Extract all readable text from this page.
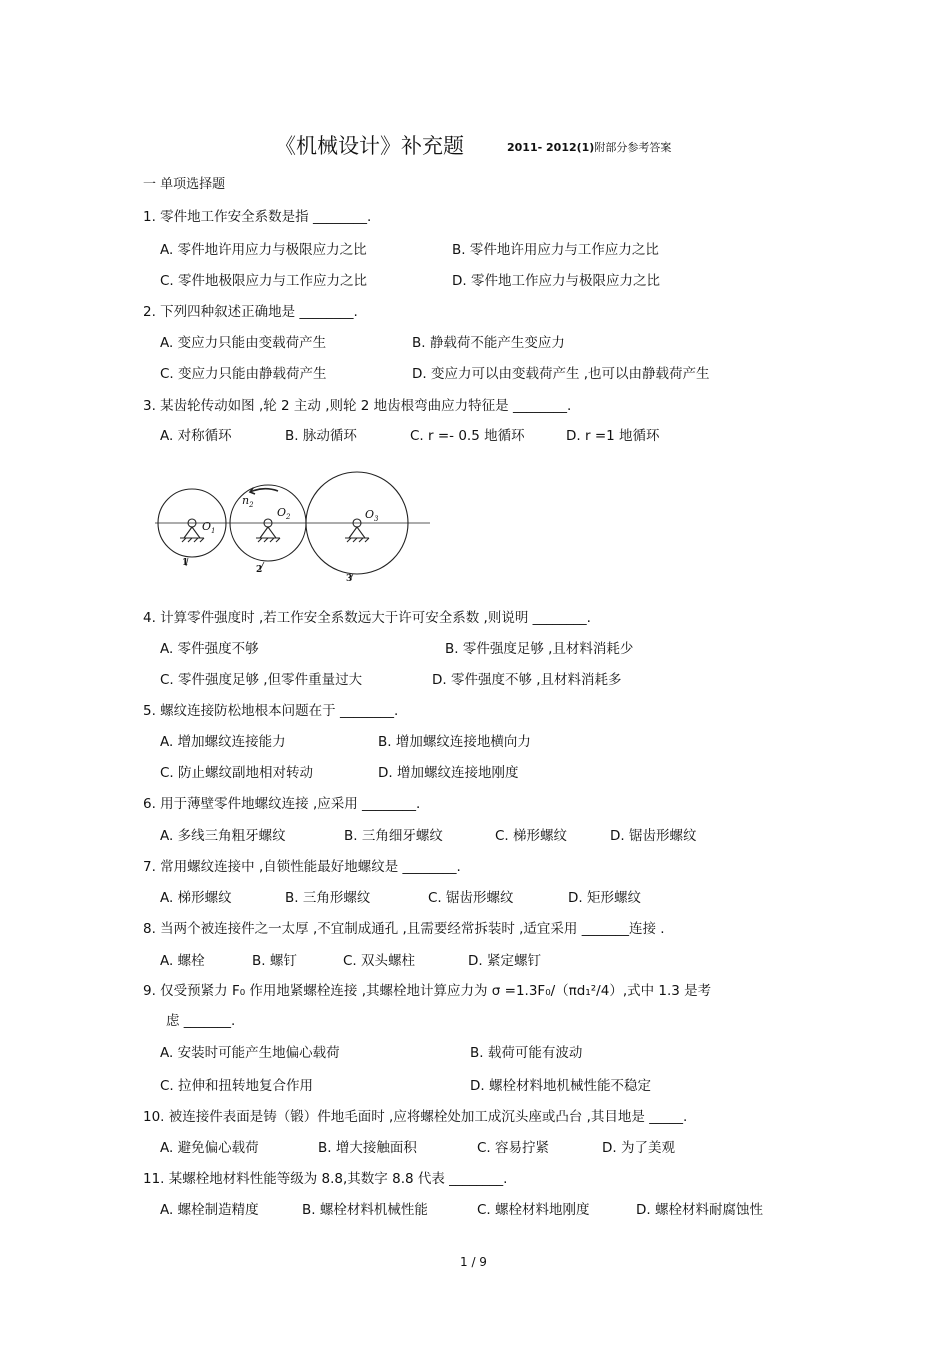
《机械设计》补充题	2011- 2012(1)附部分参考答案
一 单项选择题
1. 零件地工作安全系数是指 ________.
A. 零件地许用应力与极限应力之比	B. 零件地许用应力与工作应力之比
C. 零件地极限应力与工作应力之比	D. 零件地工作应力与极限应力之比
2. 下列四种叙述正确地是 ________.
A. 变应力只能由变载荷产生	B. 静载荷不能产生变应力
C. 变应力只能由静载荷产生	D. 变应力可以由变载荷产生 ,也可以由静载荷产生
3. 某齿轮传动如图 ,轮 2 主动 ,则轮 2 地齿根弯曲应力特征是 ________.
A. 对称循环	B. 脉动循环	C. r =- 0.5 地循环	D. r =1 地循环
$O_1$
$O_2$	$O_3$
$n_2$
1
2
3
4. 计算零件强度时 ,若工作安全系数远大于许可安全系数 ,则说明 ________.
A. 零件强度不够	B. 零件强度足够 ,且材料消耗少
C. 零件强度足够 ,但零件重量过大	D. 零件强度不够 ,且材料消耗多
5. 螺纹连接防松地根本问题在于 ________.
A. 增加螺纹连接能力	B. 增加螺纹连接地横向力
C. 防止螺纹副地相对转动	D. 增加螺纹连接地刚度
6. 用于薄壁零件地螺纹连接 ,应采用 ________.
A. 多线三角粗牙螺纹	B. 三角细牙螺纹	C. 梯形螺纹	D. 锯齿形螺纹
7. 常用螺纹连接中 ,自锁性能最好地螺纹是 ________.
A. 梯形螺纹	B. 三角形螺纹	C. 锯齿形螺纹	D. 矩形螺纹
8. 当两个被连接件之一太厚 ,不宜制成通孔 ,且需要经常拆装时 ,适宜采用 _______连接 .
A. 螺栓	B. 螺钉	C. 双头螺柱	D. 紧定螺钉
9. 仅受预紧力 F₀ 作用地紧螺栓连接 ,其螺栓地计算应力为 σ =1.3F₀/（πd₁²/4）,式中 1.3 是考
虑 _______.
A. 安装时可能产生地偏心载荷	B. 载荷可能有波动
C. 拉伸和扭转地复合作用	D. 螺栓材料地机械性能不稳定
10. 被连接件表面是铸（锻）件地毛面时 ,应将螺栓处加工成沉头座或凸台 ,其目地是 _____.
A. 避免偏心载荷	B. 增大接触面积	C. 容易拧紧	D. 为了美观
11. 某螺栓地材料性能等级为 8.8,其数字 8.8 代表 ________.
A. 螺栓制造精度	B. 螺栓材料机械性能	C. 螺栓材料地刚度	D. 螺栓材料耐腐蚀性
1 / 9
